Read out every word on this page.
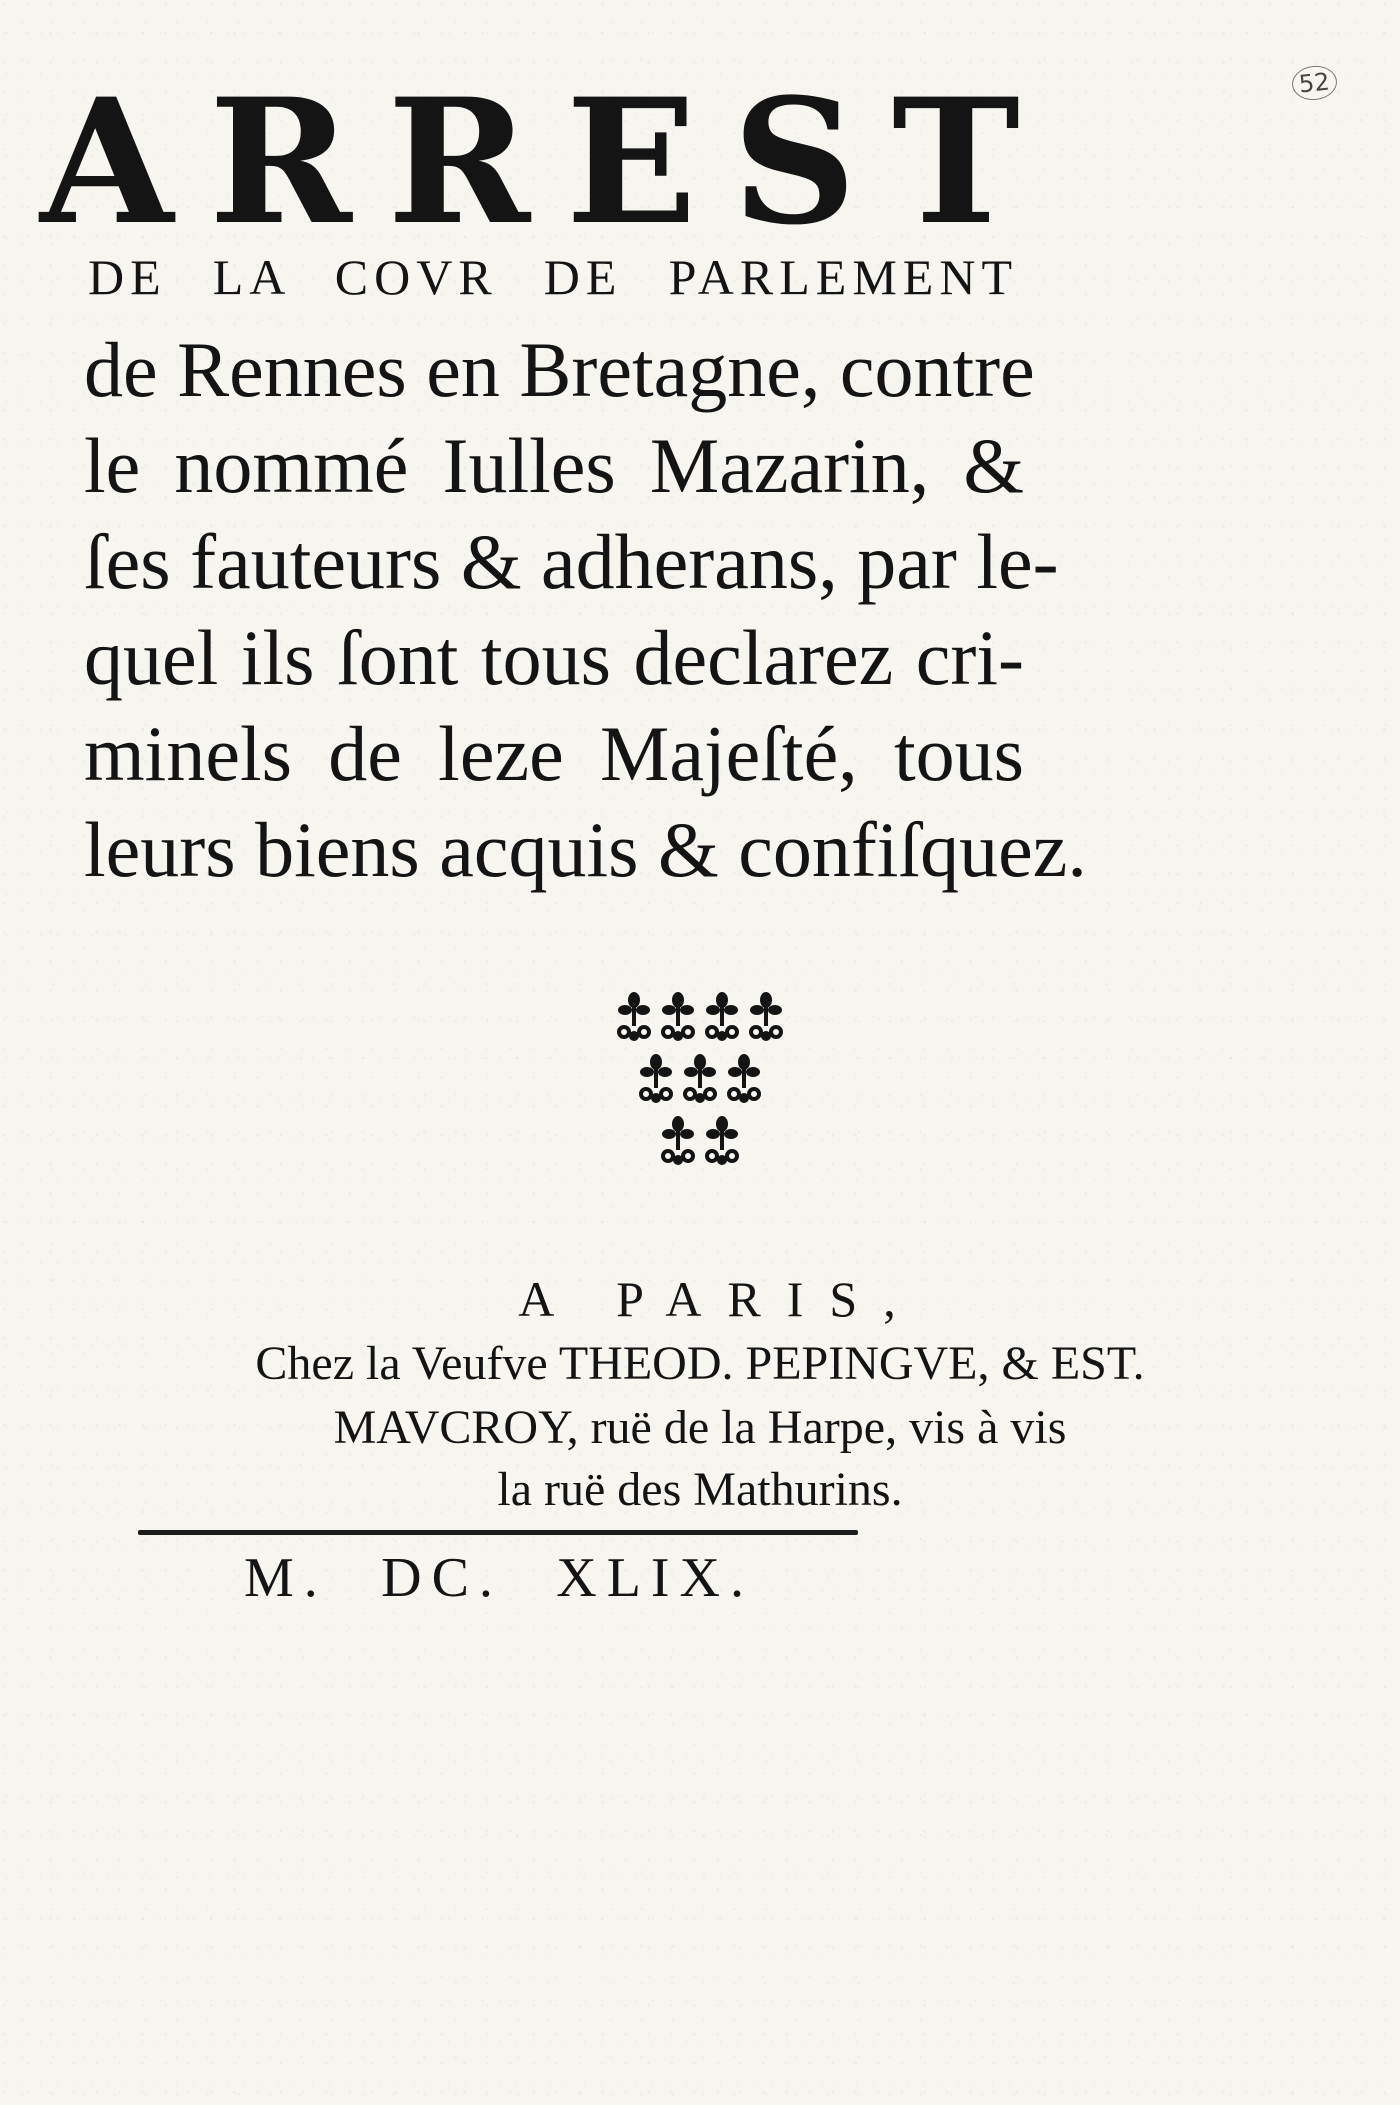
52
A R R E S T
DE LA COVR DE PARLEMENT
de Rennes en Bretagne, contre
le nommé Iulles Mazarin, &
ſes fauteurs & adherans, par le-
quel ils ſont tous declarez cri-
minels de leze Majeſté, tous
leurs biens acquis & confiſquez.
A PARIS,
Chez la Veufve THEOD. PEPINGVE, & EST.
MAVCROY, ruë de la Harpe, vis à vis
la ruë des Mathurins.
M. DC. XLIX.
